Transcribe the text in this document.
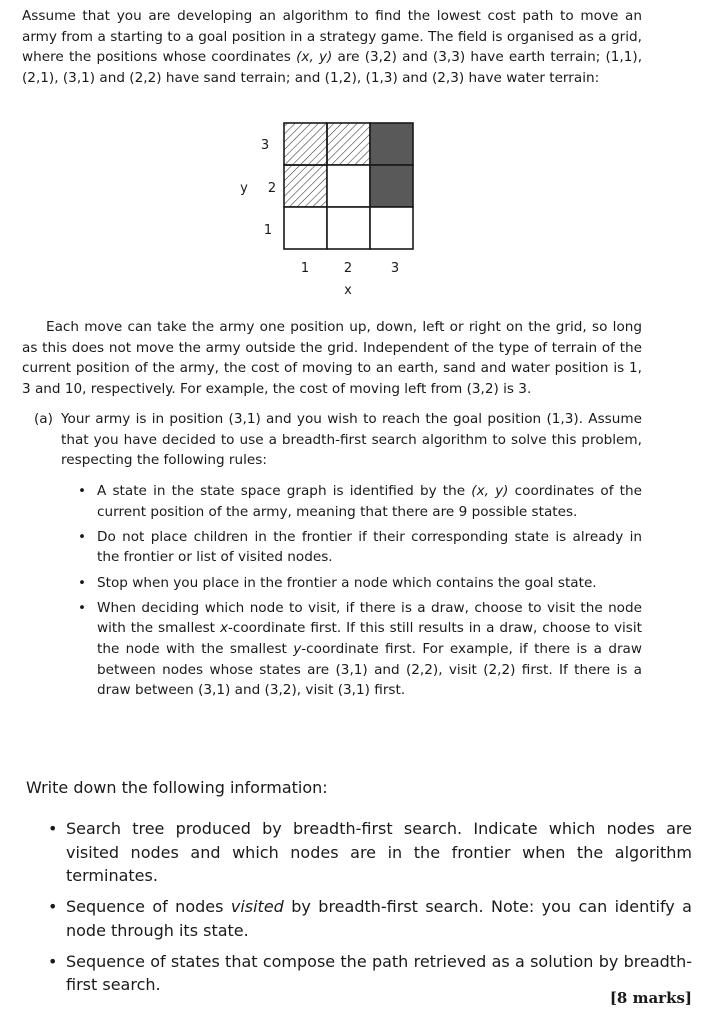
Assume that you are developing an algorithm to find the lowest cost path to move an army from a starting to a goal position in a strategy game. The field is organised as a grid, where the positions whose coordinates (x, y) are (3,2) and (3,3) have earth terrain; (1,1), (2,1), (3,1) and (2,2) have sand terrain; and (1,2), (1,3) and (2,3) have water terrain:

3
2
1
y
1	2	3
x

Each move can take the army one position up, down, left or right on the grid, so long as this does not move the army outside the grid. Independent of the type of terrain of the current position of the army, the cost of moving to an earth, sand and water position is 1, 3 and 10, respectively. For example, the cost of moving left from (3,2) is 3.

(a) Your army is in position (3,1) and you wish to reach the goal position (1,3). Assume that you have decided to use a breadth-first search algorithm to solve this problem, respecting the following rules:
• A state in the state space graph is identified by the (x, y) coordinates of the current position of the army, meaning that there are 9 possible states.
• Do not place children in the frontier if their corresponding state is already in the frontier or list of visited nodes.
• Stop when you place in the frontier a node which contains the goal state.
• When deciding which node to visit, if there is a draw, choose to visit the node with the smallest x-coordinate first. If this still results in a draw, choose to visit the node with the smallest y-coordinate first. For example, if there is a draw between nodes whose states are (3,1) and (2,2), visit (2,2) first. If there is a draw between (3,1) and (3,2), visit (3,1) first.

Write down the following information:

• Search tree produced by breadth-first search. Indicate which nodes are visited nodes and which nodes are in the frontier when the algorithm terminates.
• Sequence of nodes visited by breadth-first search. Note: you can identify a node through its state.
• Sequence of states that compose the path retrieved as a solution by breadth-first search.

[8 marks]
